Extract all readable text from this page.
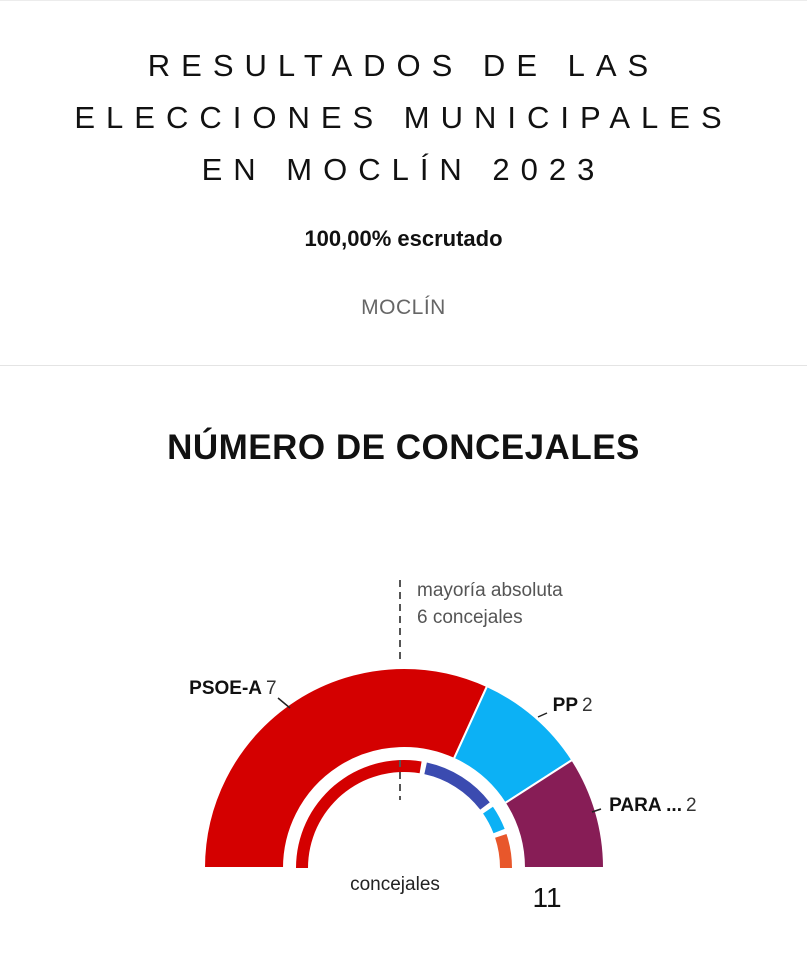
RESULTADOS DE LAS
ELECCIONES MUNICIPALES
EN MOCLÍN 2023
100,00% escrutado
MOCLÍN
NÚMERO DE CONCEJALES
mayoría absoluta
6 concejales
PSOE-A 7
PP 2
PARA ... 2
concejales	11
